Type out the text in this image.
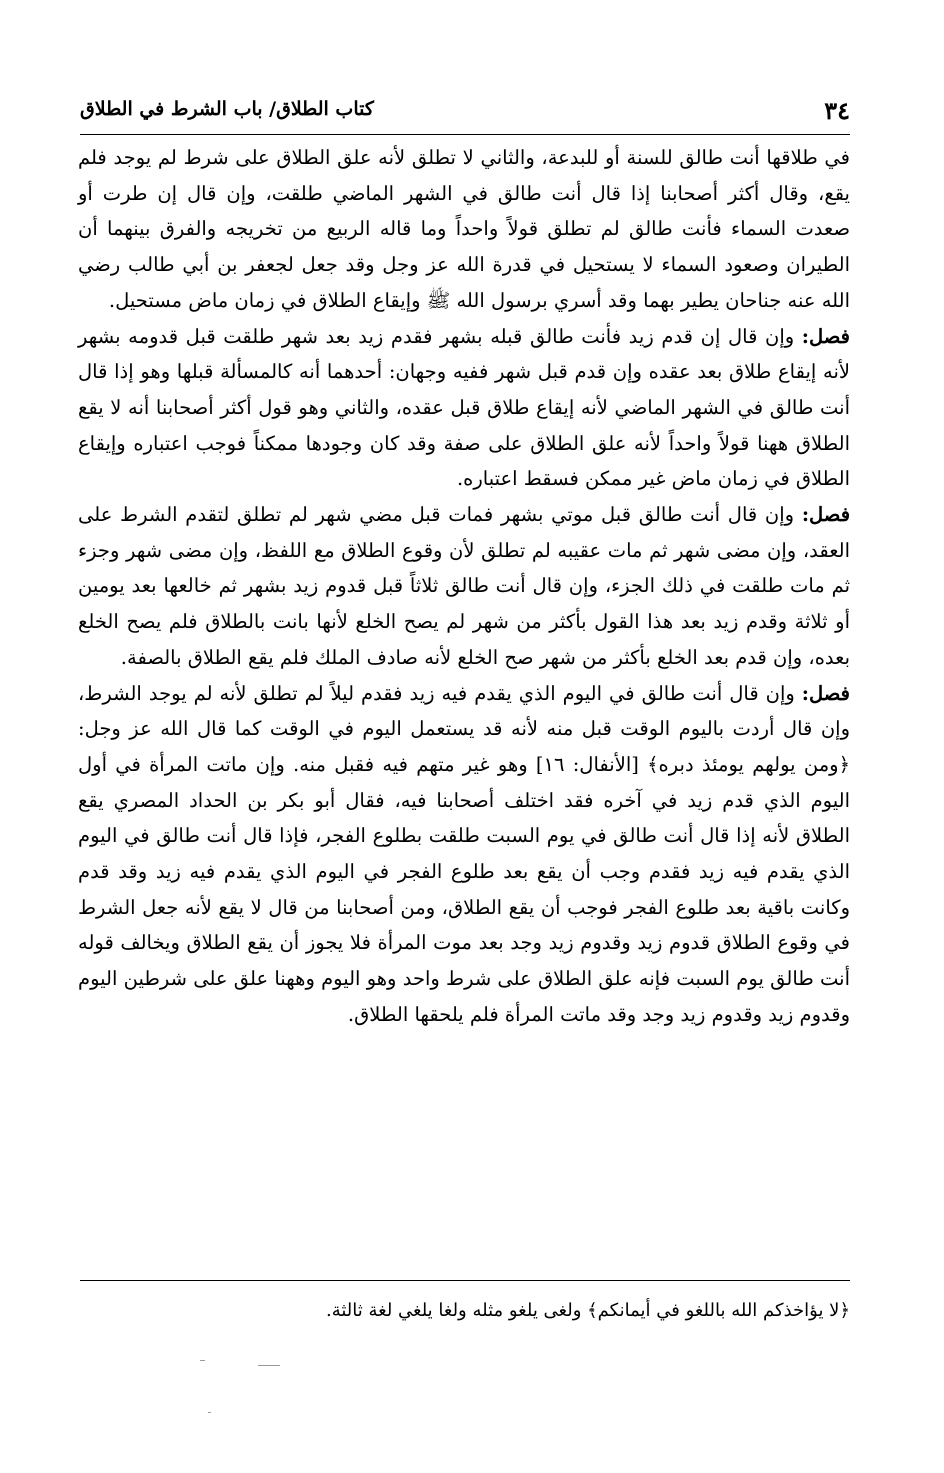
٣٤
كتاب الطلاق/ باب الشرط في الطلاق

في طلاقها أنت طالق للسنة أو للبدعة، والثاني لا تطلق لأنه علق الطلاق على شرط لم يوجد فلم يقع، وقال أكثر أصحابنا إذا قال أنت طالق في الشهر الماضي طلقت، وإن قال إن طرت أو صعدت السماء فأنت طالق لم تطلق قولاً واحداً وما قاله الربيع من تخريجه والفرق بينهما أن الطيران وصعود السماء لا يستحيل في قدرة الله عز وجل وقد جعل لجعفر بن أبي طالب رضي الله عنه جناحان يطير بهما وقد أسري برسول الله ﷺ وإيقاع الطلاق في زمان ماض مستحيل.

فصل: وإن قال إن قدم زيد فأنت طالق قبله بشهر فقدم زيد بعد شهر طلقت قبل قدومه بشهر لأنه إيقاع طلاق بعد عقده وإن قدم قبل شهر ففيه وجهان: أحدهما أنه كالمسألة قبلها وهو إذا قال أنت طالق في الشهر الماضي لأنه إيقاع طلاق قبل عقده، والثاني وهو قول أكثر أصحابنا أنه لا يقع الطلاق ههنا قولاً واحداً لأنه علق الطلاق على صفة وقد كان وجودها ممكناً فوجب اعتباره وإيقاع الطلاق في زمان ماض غير ممكن فسقط اعتباره.

فصل: وإن قال أنت طالق قبل موتي بشهر فمات قبل مضي شهر لم تطلق لتقدم الشرط على العقد، وإن مضى شهر ثم مات عقيبه لم تطلق لأن وقوع الطلاق مع اللفظ، وإن مضى شهر وجزء ثم مات طلقت في ذلك الجزء، وإن قال أنت طالق ثلاثاً قبل قدوم زيد بشهر ثم خالعها بعد يومين أو ثلاثة وقدم زيد بعد هذا القول بأكثر من شهر لم يصح الخلع لأنها بانت بالطلاق فلم يصح الخلع بعده، وإن قدم بعد الخلع بأكثر من شهر صح الخلع لأنه صادف الملك فلم يقع الطلاق بالصفة.

فصل: وإن قال أنت طالق في اليوم الذي يقدم فيه زيد فقدم ليلاً لم تطلق لأنه لم يوجد الشرط، وإن قال أردت باليوم الوقت قبل منه لأنه قد يستعمل اليوم في الوقت كما قال الله عز وجل: ﴿ومن يولهم يومئذ دبره﴾ [الأنفال: ١٦] وهو غير متهم فيه فقبل منه. وإن ماتت المرأة في أول اليوم الذي قدم زيد في آخره فقد اختلف أصحابنا فيه، فقال أبو بكر بن الحداد المصري يقع الطلاق لأنه إذا قال أنت طالق في يوم السبت طلقت بطلوع الفجر، فإذا قال أنت طالق في اليوم الذي يقدم فيه زيد فقدم وجب أن يقع بعد طلوع الفجر في اليوم الذي يقدم فيه زيد وقد قدم وكانت باقية بعد طلوع الفجر فوجب أن يقع الطلاق، ومن أصحابنا من قال لا يقع لأنه جعل الشرط في وقوع الطلاق قدوم زيد وقدوم زيد وجد بعد موت المرأة فلا يجوز أن يقع الطلاق ويخالف قوله أنت طالق يوم السبت فإنه علق الطلاق على شرط واحد وهو اليوم وههنا علق على شرطين اليوم وقدوم زيد وقدوم زيد وجد وقد ماتت المرأة فلم يلحقها الطلاق.

﴿لا يؤاخذكم الله باللغو في أيمانكم﴾ ولغى يلغو مثله ولغا يلغي لغة ثالثة.
